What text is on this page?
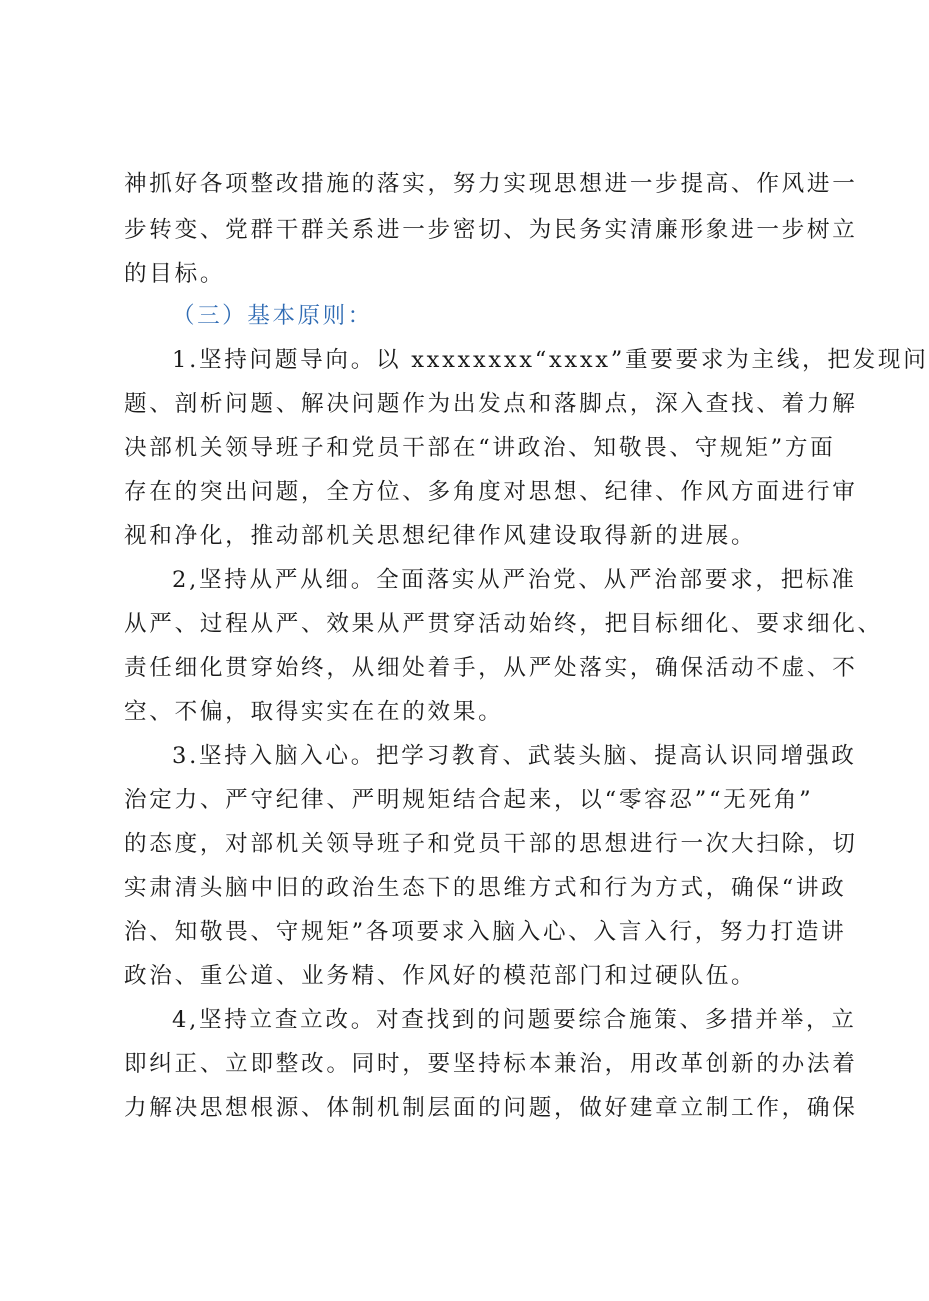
神抓好各项整改措施的落实，努力实现思想进一步提高、作风进一
步转变、党群干群关系进一步密切、为民务实清廉形象进一步树立
的目标。
（三）基本原则：
1.坚持问题导向。以 xxxxxxxx“xxxx”重要要求为主线，把发现问
题、剖析问题、解决问题作为出发点和落脚点，深入查找、着力解
决部机关领导班子和党员干部在“讲政治、知敬畏、守规矩”方面
存在的突出问题，全方位、多角度对思想、纪律、作风方面进行审
视和净化，推动部机关思想纪律作风建设取得新的进展。
2,坚持从严从细。全面落实从严治党、从严治部要求，把标准
从严、过程从严、效果从严贯穿活动始终，把目标细化、要求细化、
责任细化贯穿始终，从细处着手，从严处落实，确保活动不虚、不
空、不偏，取得实实在在的效果。
3.坚持入脑入心。把学习教育、武装头脑、提高认识同增强政
治定力、严守纪律、严明规矩结合起来，以“零容忍”“无死角”
的态度，对部机关领导班子和党员干部的思想进行一次大扫除，切
实肃清头脑中旧的政治生态下的思维方式和行为方式，确保“讲政
治、知敬畏、守规矩”各项要求入脑入心、入言入行，努力打造讲
政治、重公道、业务精、作风好的模范部门和过硬队伍。
4,坚持立查立改。对查找到的问题要综合施策、多措并举，立
即纠正、立即整改。同时，要坚持标本兼治，用改革创新的办法着
力解决思想根源、体制机制层面的问题，做好建章立制工作，确保
